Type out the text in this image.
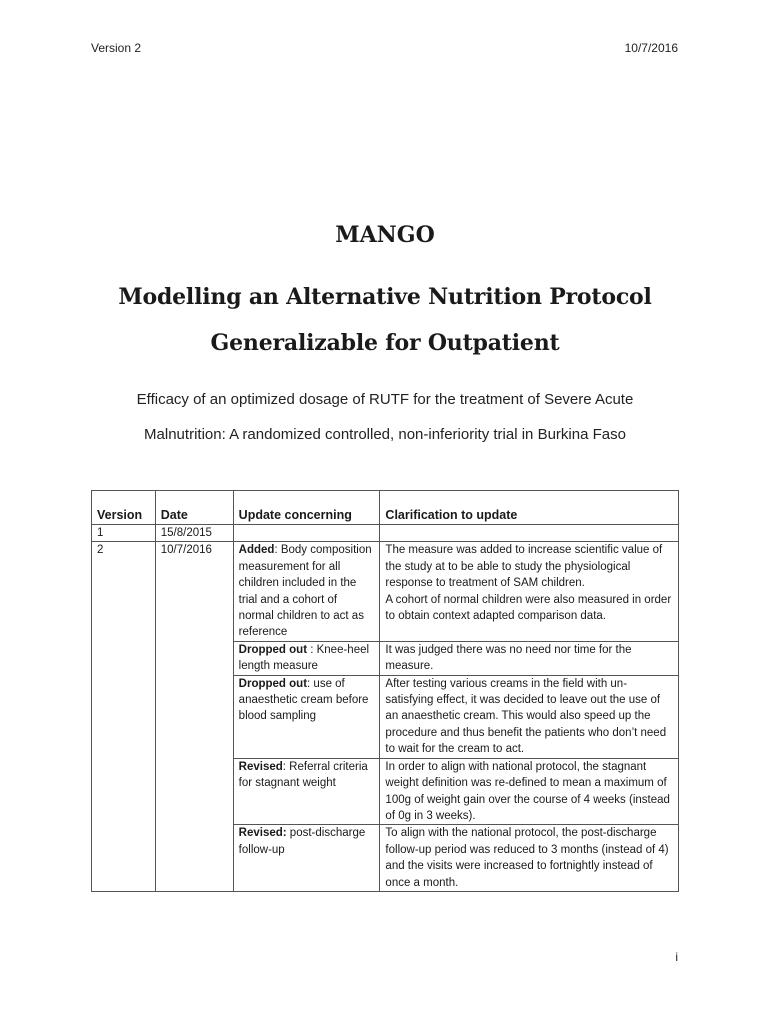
Version 2	10/7/2016
MANGO
Modelling an Alternative Nutrition Protocol
Generalizable for Outpatient
Efficacy of an optimized dosage of RUTF for the treatment of Severe Acute
Malnutrition: A randomized controlled, non-inferiority trial in Burkina Faso
Version	Date	Update concerning	Clarification to update
1	15/8/2015		
2	10/7/2016	Added: Body composition measurement for all children included in the trial and a cohort of normal children to act as reference	The measure was added to increase scientific value of the study at to be able to study the physiological response to treatment of SAM children.
A cohort of normal children were also measured in order to obtain context adapted comparison data.

		Dropped out : Knee-heel length measure	It was judged there was no need nor time for the measure.
		Dropped out: use of anaesthetic cream before blood sampling	After testing various creams in the field with un-satisfying effect, it was decided to leave out the use of an anaesthetic cream. This would also speed up the procedure and thus benefit the patients who don’t need to wait for the cream to act.
		Revised: Referral criteria for stagnant weight	In order to align with national protocol, the stagnant weight definition was re-defined to mean a maximum of 100g of weight gain over the course of 4 weeks (instead of 0g in 3 weeks).
		Revised: post-discharge follow-up	To align with the national protocol, the post-discharge follow-up period was reduced to 3 months (instead of 4) and the visits were increased to fortnightly instead of once a month.
i
